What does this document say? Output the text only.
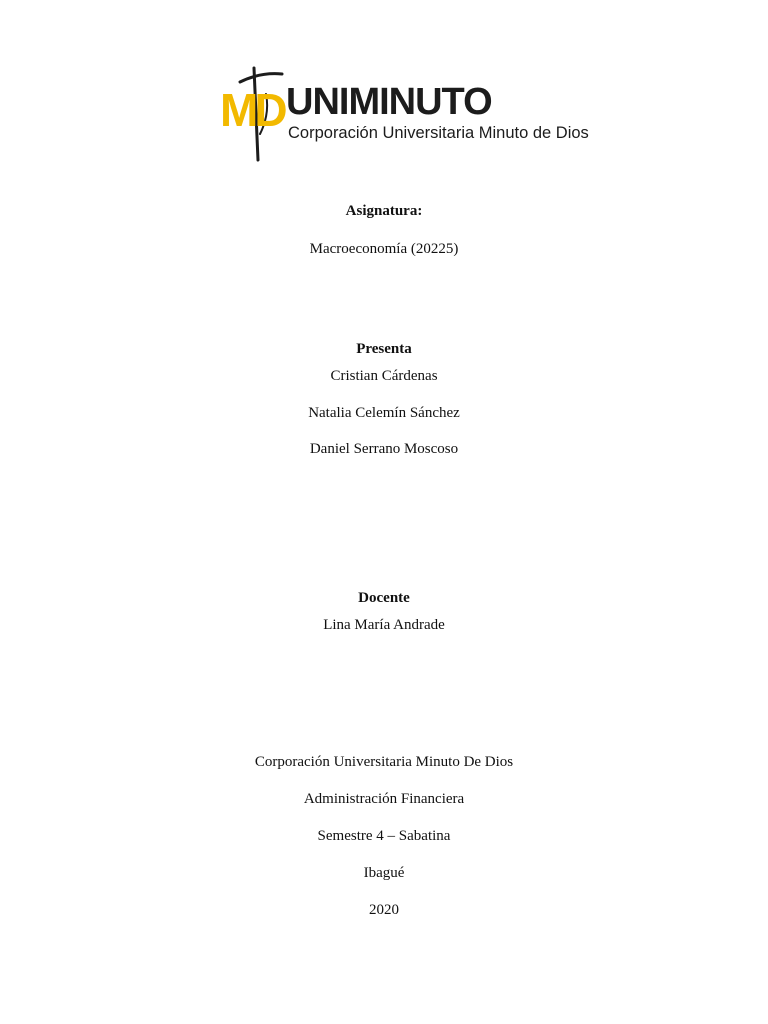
MD UNIMINUTO
Corporación Universitaria Minuto de Dios
Asignatura:
Macroeconomía (20225)
Presenta
Cristian Cárdenas
Natalia Celemín Sánchez
Daniel Serrano Moscoso
Docente
Lina María Andrade
Corporación Universitaria Minuto De Dios
Administración Financiera
Semestre 4 – Sabatina
Ibagué
2020
